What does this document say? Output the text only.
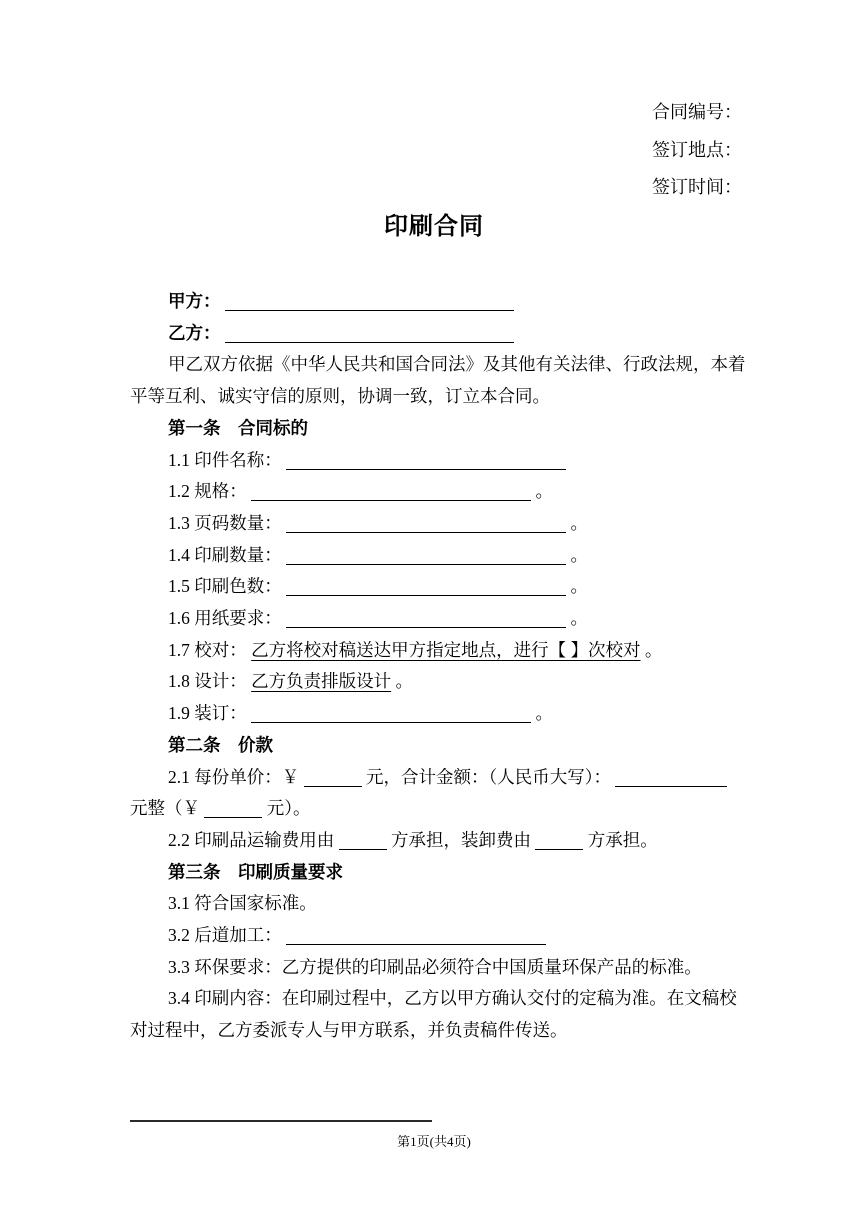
合同编号：
签订地点：
签订时间：
印刷合同
甲方：
乙方：
甲乙双方依据《中华人民共和国合同法》及其他有关法律、行政法规，本着
平等互利、诚实守信的原则，协调一致，订立本合同。
第一条　合同标的
1.1 印件名称：
1.2 规格：	。
1.3 页码数量：	。
1.4 印刷数量：	。
1.5 印刷色数：	。
1.6 用纸要求：	。
1.7 校对： 乙方将校对稿送达甲方指定地点，进行【 】次校对 。
1.8 设计： 乙方负责排版设计 。
1.9 装订：	。
第二条　价款
2.1 每份单价：￥	元，合计金额：（人民币大写）：
元整（￥	元）。
2.2 印刷品运输费用由	方承担，装卸费由	方承担。
第三条　印刷质量要求
3.1 符合国家标准。
3.2 后道加工：
3.3 环保要求：乙方提供的印刷品必须符合中国质量环保产品的标准。
3.4 印刷内容：在印刷过程中，乙方以甲方确认交付的定稿为准。在文稿校
对过程中，乙方委派专人与甲方联系，并负责稿件传送。
第1页(共4页)
